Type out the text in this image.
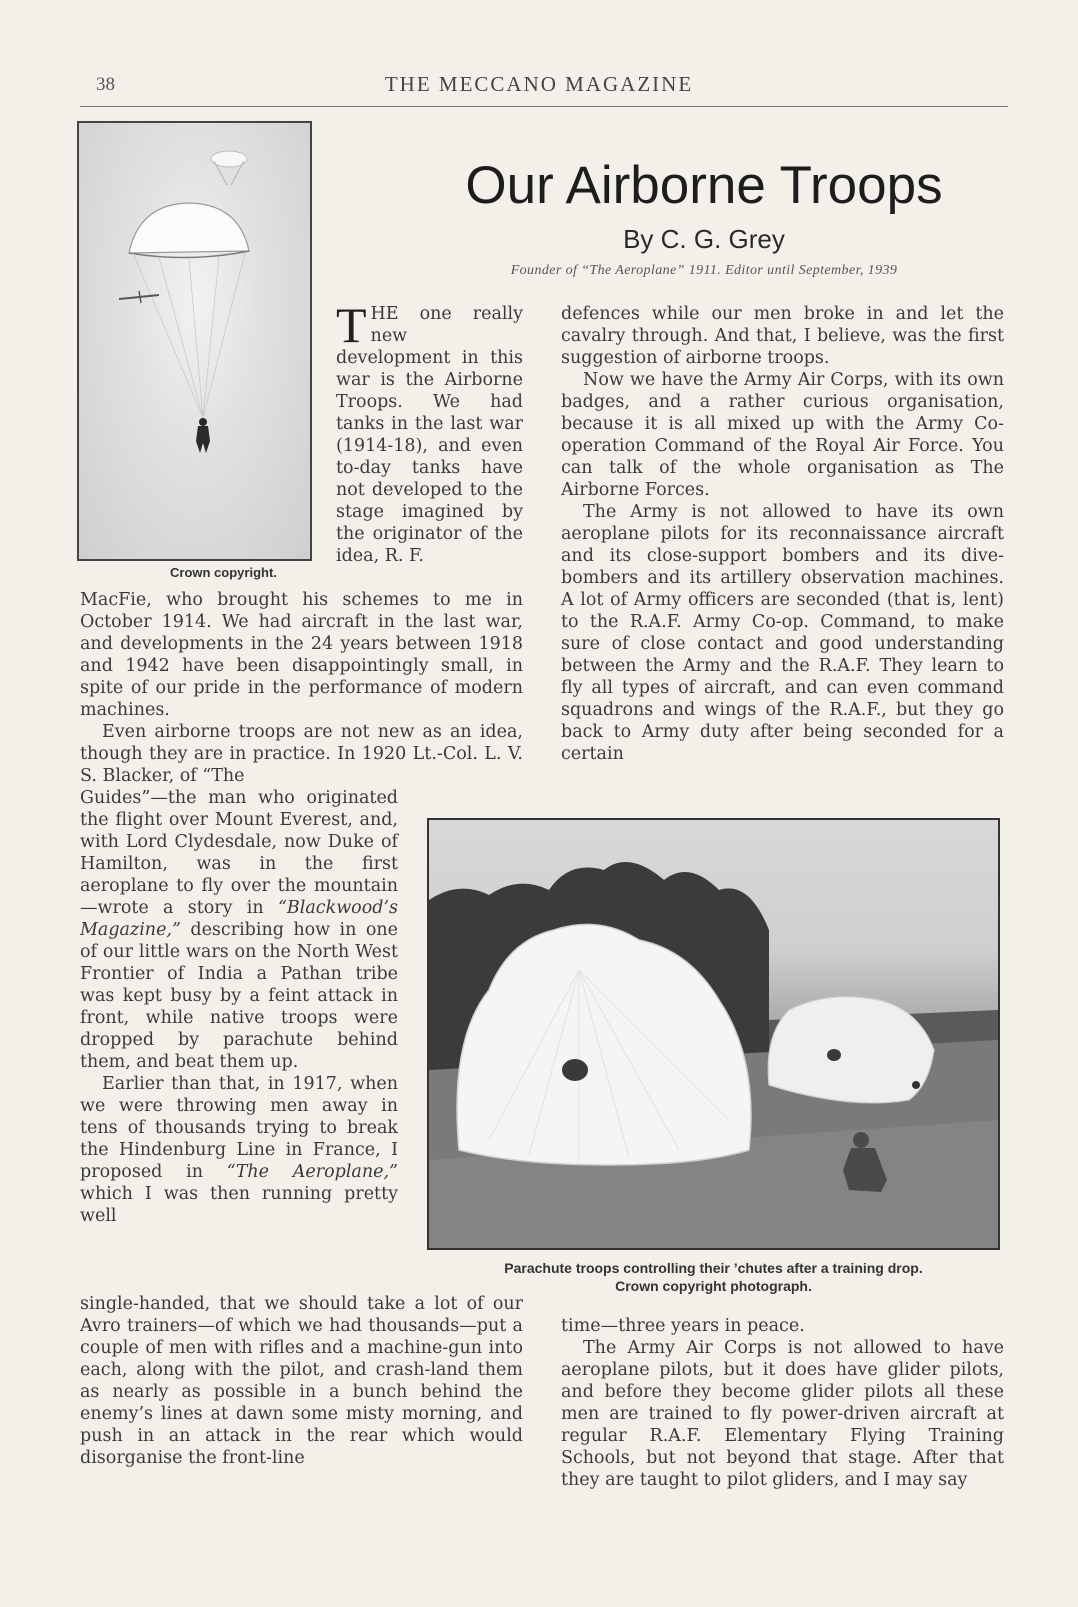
38	THE MECCANO MAGAZINE
Crown copyright.
Our Airborne Troops
By C. G. Grey
Founder of “The Aeroplane” 1911. Editor until September, 1939

THE one really new development in this war is the Airborne Troops. We had tanks in the last war (1914-18), and even to-day tanks have not developed to the stage imagined by the originator of the idea, R. F.

MacFie, who brought his schemes to me in October 1914. We had aircraft in the last war, and developments in the 24 years between 1918 and 1942 have been disappointingly small, in spite of our pride in the performance of modern machines.

Even airborne troops are not new as an idea, though they are in practice. In 1920 Lt.-Col. L. V. S. Blacker, of “The

Guides”—the man who originated the flight over Mount Everest, and, with Lord Clydesdale, now Duke of Hamilton, was in the first aeroplane to fly over the mountain—wrote a story in “Blackwood’s Magazine,” describing how in one of our little wars on the North West Frontier of India a Pathan tribe was kept busy by a feint attack in front, while native troops were dropped by parachute behind them, and beat them up.

Earlier than that, in 1917, when we were throwing men away in tens of thousands trying to break the Hindenburg Line in France, I proposed in “The Aeroplane,” which I was then running pretty well

single-handed, that we should take a lot of our Avro trainers—of which we had thousands—put a couple of men with rifles and a machine-gun into each, along with the pilot, and crash-land them as nearly as possible in a bunch behind the enemy’s lines at dawn some misty morning, and push in an attack in the rear which would disorganise the front-line

defences while our men broke in and let the cavalry through. And that, I believe, was the first suggestion of airborne troops.

Now we have the Army Air Corps, with its own badges, and a rather curious organisation, because it is all mixed up with the Army Co-operation Command of the Royal Air Force. You can talk of the whole organisation as The Airborne Forces.

The Army is not allowed to have its own aeroplane pilots for its reconnaissance aircraft and its close-support bombers and its dive-bombers and its artillery observation machines. A lot of Army officers are seconded (that is, lent) to the R.A.F. Army Co-op. Command, to make sure of close contact and good understanding between the Army and the R.A.F. They learn to fly all types of aircraft, and can even command squadrons and wings of the R.A.F., but they go back to Army duty after being seconded for a certain

Parachute troops controlling their ’chutes after a training drop.
Crown copyright photograph.

time—three years in peace.

The Army Air Corps is not allowed to have aeroplane pilots, but it does have glider pilots, and before they become glider pilots all these men are trained to fly power-driven aircraft at regular R.A.F. Elementary Flying Training Schools, but not beyond that stage. After that they are taught to pilot gliders, and I may say
